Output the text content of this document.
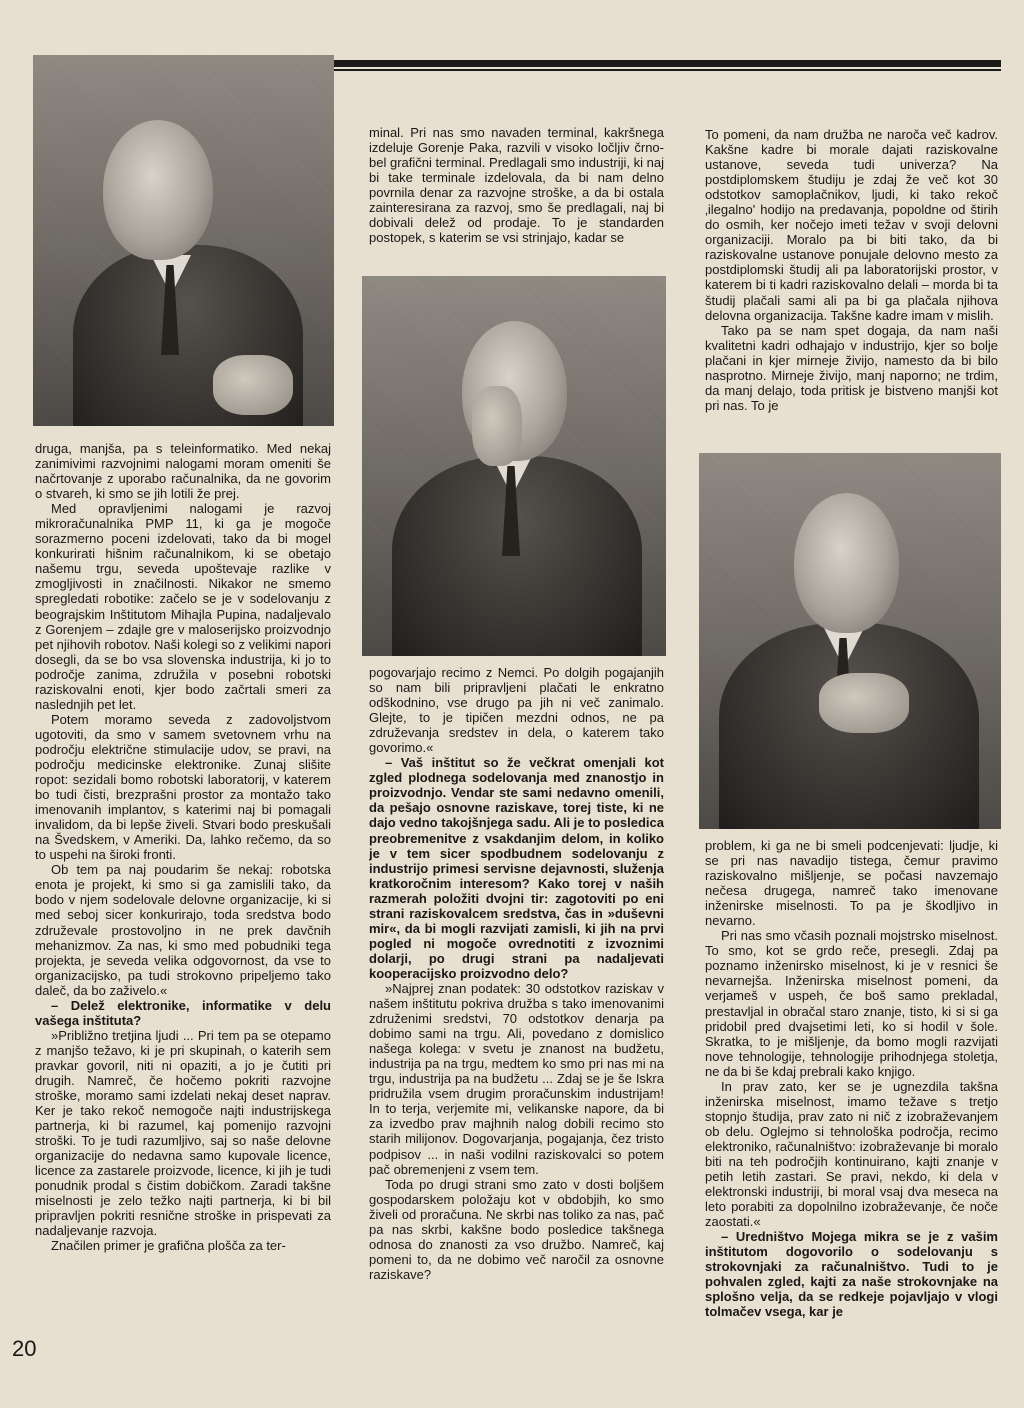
druga, manjša, pa s teleinformatiko. Med nekaj zanimivimi razvojnimi nalogami moram omeniti še načrtovanje z uporabo računalnika, da ne govorim o stvareh, ki smo se jih lotili že prej.

Med opravljenimi nalogami je razvoj mikroračunalnika PMP 11, ki ga je mogoče sorazmerno poceni izdelovati, tako da bi mogel konkurirati hišnim računalnikom, ki se obetajo našemu trgu, seveda upoštevaje razlike v zmogljivosti in značilnosti. Nikakor ne smemo spregledati robotike: začelo se je v sodelovanju z beograjskim Inštitutom Mihajla Pupina, nadaljevalo z Gorenjem – zdajle gre v maloserijsko proizvodnjo pet njihovih robotov. Naši kolegi so z velikimi napori dosegli, da se bo vsa slovenska industrija, ki jo to področje zanima, združila v posebni robotski raziskovalni enoti, kjer bodo začrtali smeri za naslednjih pet let.

Potem moramo seveda z zadovoljstvom ugotoviti, da smo v samem svetovnem vrhu na področju električne stimulacije udov, se pravi, na področju medicinske elektronike. Zunaj slišite ropot: sezidali bomo robotski laboratorij, v katerem bo tudi čisti, brezprašni prostor za montažo tako imenovanih implantov, s katerimi naj bi pomagali invalidom, da bi lepše živeli. Stvari bodo preskušali na Švedskem, v Ameriki. Da, lahko rečemo, da so to uspehi na široki fronti.

Ob tem pa naj poudarim še nekaj: robotska enota je projekt, ki smo si ga zamislili tako, da bodo v njem sodelovale delovne organizacije, ki si med seboj sicer konkurirajo, toda sredstva bodo združevale prostovoljno in ne prek davčnih mehanizmov. Za nas, ki smo med pobudniki tega projekta, je seveda velika odgovornost, da vse to organizacijsko, pa tudi strokovno pripeljemo tako daleč, da bo zaživelo.«

– Delež elektronike, informatike v delu vašega inštituta?

»Približno tretjina ljudi ... Pri tem pa se otepamo z manjšo težavo, ki je pri skupinah, o katerih sem pravkar govoril, niti ni opaziti, a jo je čutiti pri drugih. Namreč, če hočemo pokriti razvojne stroške, moramo sami izdelati nekaj deset naprav. Ker je tako rekoč nemogoče najti industrijskega partnerja, ki bi razumel, kaj pomenijo razvojni stroški. To je tudi razumljivo, saj so naše delovne organizacije do nedavna samo kupovale licence, licence za zastarele proizvode, licence, ki jih je tudi ponudnik prodal s čistim dobičkom. Zaradi takšne miselnosti je zelo težko najti partnerja, ki bi bil pripravljen pokriti resnične stroške in prispevati za nadaljevanje razvoja.

Značilen primer je grafična plošča za ter-

minal. Pri nas smo navaden terminal, kakršnega izdeluje Gorenje Paka, razvili v visoko ločljiv črno-bel grafični terminal. Predlagali smo industriji, ki naj bi take terminale izdelovala, da bi nam delno povrnila denar za razvojne stroške, a da bi ostala zainteresirana za razvoj, smo še predlagali, naj bi dobivali delež od prodaje. To je standarden postopek, s katerim se vsi strinjajo, kadar se

pogovarjajo recimo z Nemci. Po dolgih pogajanjih so nam bili pripravljeni plačati le enkratno odškodnino, vse drugo pa jih ni več zanimalo. Glejte, to je tipičen mezdni odnos, ne pa združevanja sredstev in dela, o katerem tako govorimo.«

– Vaš inštitut so že večkrat omenjali kot zgled plodnega sodelovanja med znanostjo in proizvodnjo. Vendar ste sami nedavno omenili, da pešajo osnovne raziskave, torej tiste, ki ne dajo vedno takojšnjega sadu. Ali je to posledica preobremenitve z vsakdanjim delom, in koliko je v tem sicer spodbudnem sodelovanju z industrijo primesi servisne dejavnosti, služenja kratkoročnim interesom? Kako torej v naših razmerah položiti dvojni tir: zagotoviti po eni strani raziskovalcem sredstva, čas in »duševni mir«, da bi mogli razvijati zamisli, ki jih na prvi pogled ni mogoče ovrednotiti z izvoznimi dolarji, po drugi strani pa nadaljevati kooperacijsko proizvodno delo?

»Najprej znan podatek: 30 odstotkov raziskav v našem inštitutu pokriva družba s tako imenovanimi združenimi sredstvi, 70 odstotkov denarja pa dobimo sami na trgu. Ali, povedano z domislico našega kolega: v svetu je znanost na budžetu, industrija pa na trgu, medtem ko smo pri nas mi na trgu, industrija pa na budžetu ... Zdaj se je še Iskra pridružila vsem drugim proračunskim industrijam! In to terja, verjemite mi, velikanske napore, da bi za izvedbo prav majhnih nalog dobili recimo sto starih milijonov. Dogovarjanja, pogajanja, čez tristo podpisov ... in naši vodilni raziskovalci so potem pač obremenjeni z vsem tem.

Toda po drugi strani smo zato v dosti boljšem gospodarskem položaju kot v obdobjih, ko smo živeli od proračuna. Ne skrbi nas toliko za nas, pač pa nas skrbi, kakšne bodo posledice takšnega odnosa do znanosti za vso družbo. Namreč, kaj pomeni to, da ne dobimo več naročil za osnovne raziskave?

To pomeni, da nam družba ne naroča več kadrov. Kakšne kadre bi morale dajati raziskovalne ustanove, seveda tudi univerza? Na postdiplomskem študiju je zdaj že več kot 30 odstotkov samoplačnikov, ljudi, ki tako rekoč ‚ilegalno' hodijo na predavanja, popoldne od štirih do osmih, ker nočejo imeti težav v svoji delovni organizaciji. Moralo pa bi biti tako, da bi raziskovalne ustanove ponujale delovno mesto za postdiplomski študij ali pa laboratorijski prostor, v katerem bi ti kadri raziskovalno delali – morda bi ta študij plačali sami ali pa bi ga plačala njihova delovna organizacija. Takšne kadre imam v mislih.

Tako pa se nam spet dogaja, da nam naši kvalitetni kadri odhajajo v industrijo, kjer so bolje plačani in kjer mirneje živijo, namesto da bi bilo nasprotno. Mirneje živijo, manj naporno; ne trdim, da manj delajo, toda pritisk je bistveno manjši kot pri nas. To je

problem, ki ga ne bi smeli podcenjevati: ljudje, ki se pri nas navadijo tistega, čemur pravimo raziskovalno mišljenje, se počasi navzemajo nečesa drugega, namreč tako imenovane inženirske miselnosti. To pa je škodljivo in nevarno.

Pri nas smo včasih poznali mojstrsko miselnost. To smo, kot se grdo reče, presegli. Zdaj pa poznamo inženirsko miselnost, ki je v resnici še nevarnejša. Inženirska miselnost pomeni, da verjameš v uspeh, če boš samo prekladal, prestavljal in obračal staro znanje, tisto, ki si si ga pridobil pred dvajsetimi leti, ko si hodil v šole. Skratka, to je mišljenje, da bomo mogli razvijati nove tehnologije, tehnologije prihodnjega stoletja, ne da bi še kdaj prebrali kako knjigo.

In prav zato, ker se je ugnezdila takšna inženirska miselnost, imamo težave s tretjo stopnjo študija, prav zato ni nič z izobraževanjem ob delu. Oglejmo si tehnološka področja, recimo elektroniko, računalništvo: izobraževanje bi moralo biti na teh področjih kontinuirano, kajti znanje v petih letih zastari. Se pravi, nekdo, ki dela v elektronski industriji, bi moral vsaj dva meseca na leto porabiti za dopolnilno izobraževanje, če noče zaostati.«

– Uredništvo Mojega mikra se je z vašim inštitutom dogovorilo o sodelovanju s strokovnjaki za računalništvo. Tudi to je pohvalen zgled, kajti za naše strokovnjake na splošno velja, da se redkeje pojavljajo v vlogi tolmačev vsega, kar je

20
